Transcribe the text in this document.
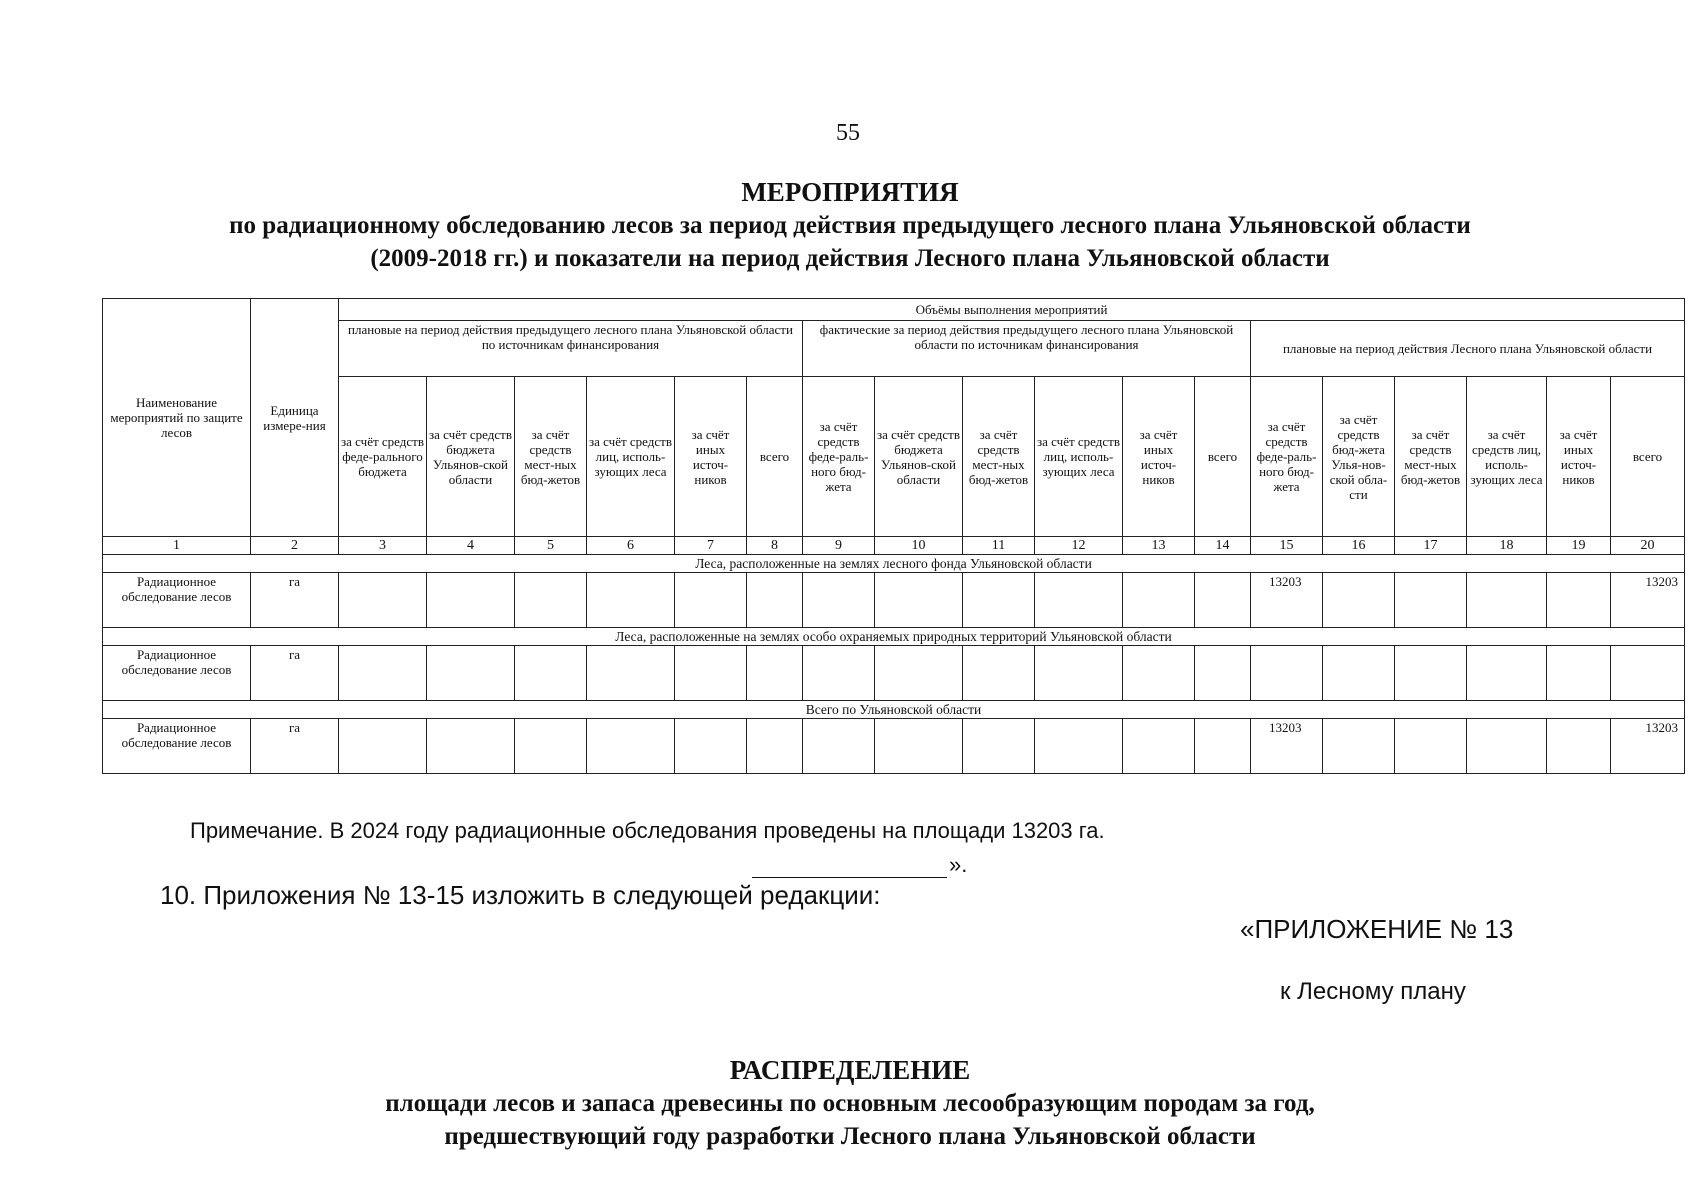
55
МЕРОПРИЯТИЯ
по радиационному обследованию лесов за период действия предыдущего лесного плана Ульяновской области
(2009-2018 гг.) и показатели на период действия Лесного плана Ульяновской области
Наименование мероприятий по защите лесов	Единица измере-ния	Объёмы выполнения мероприятий																	
		плановые на период действия предыдущего лесного плана Ульяновской области по источникам финансирования						фактические за период действия предыдущего лесного плана Ульяновской области по источникам финансирования						плановые на период действия Лесного плана Ульяновской области					
		за счёт средств феде-рального бюджета	за счёт средств бюджета Ульянов-ской области	за счёт средств мест-ных бюд-жетов	за счёт средств лиц, исполь-зующих леса	за счёт иных источ-ников	всего	за счёт средств феде-раль-ного бюд-жета	за счёт средств бюджета Ульянов-ской области	за счёт средств мест-ных бюд-жетов	за счёт средств лиц, исполь-зующих леса	за счёт иных источ-ников	всего	за счёт средств феде-раль-ного бюд-жета	за счёт средств бюд-жета Улья-нов-ской обла-сти	за счёт средств мест-ных бюд-жетов	за счёт средств лиц, исполь-зующих леса	за счёт иных источ-ников	всего
1	2	3	4	5	6	7	8	9	10	11	12	13	14	15	16	17	18	19	20
Леса, расположенные на землях лесного фонда Ульяновской области																			
Радиационное обследование лесов	га													13203					13203
Леса, расположенные на землях особо охраняемых природных территорий Ульяновской области																			
Радиационное обследование лесов	га																		
Всего по Ульяновской области																			
Радиационное обследование лесов	га													13203					13203
Примечание. В 2024 году радиационные обследования проведены на площади 13203 га.
».
10. Приложения № 13-15 изложить в следующей редакции:
«ПРИЛОЖЕНИЕ № 13
к Лесному плану
РАСПРЕДЕЛЕНИЕ
площади лесов и запаса древесины по основным лесообразующим породам за год,
предшествующий году разработки Лесного плана Ульяновской области
